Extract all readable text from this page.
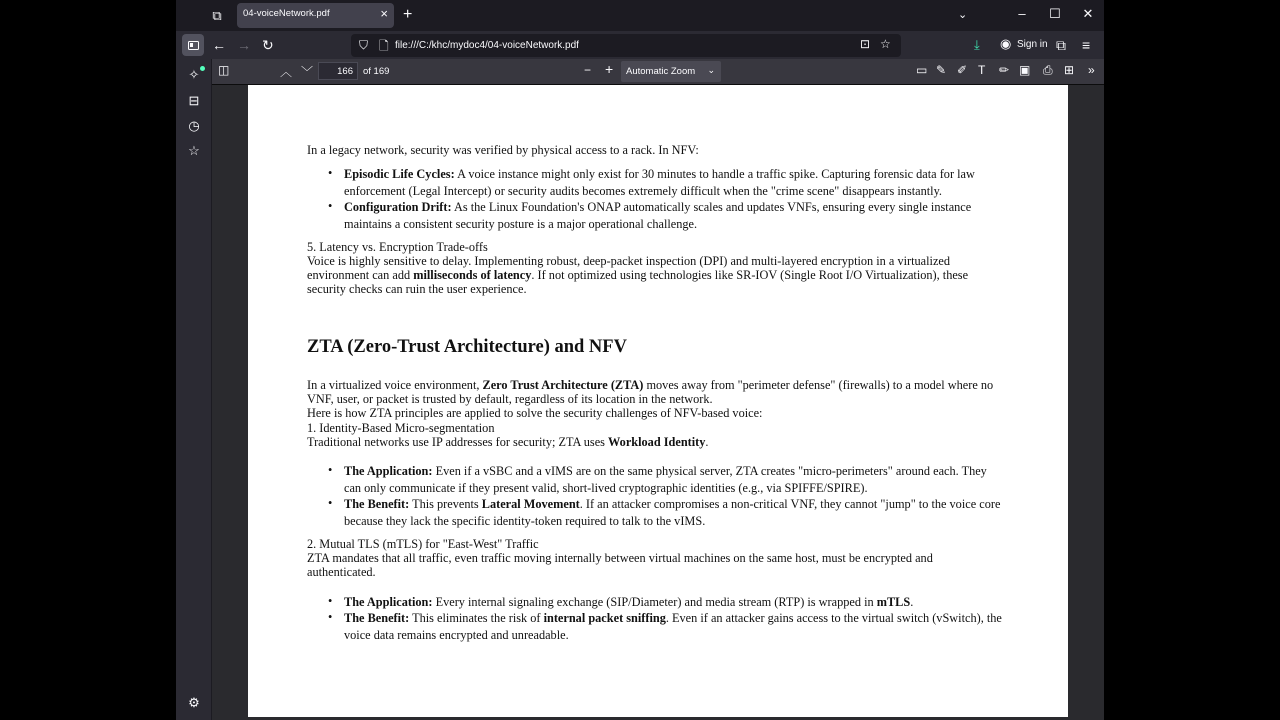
⧉	04-voiceNetwork.pdf	× +	⌄	–	☐	✕
← → ↻	⛉ 🗋 file:///C:/khc/mydoc4/04-voiceNetwork.pdf	⊡ ☆	⤓ ◉ Sign in ⧉ ≡
✧
⊟
◷
☆
⚙
◫	︿ ﹀	166	of 169	− + Automatic Zoom ⌄	▭ ✎ ✐ T ✏ ▣ ⎙ ⊞ »
In a legacy network, security was verified by physical access to a rack. In NFV:
• Episodic Life Cycles: A voice instance might only exist for 30 minutes to handle a traffic spike. Capturing forensic data for law
enforcement (Legal Intercept) or security audits becomes extremely difficult when the "crime scene" disappears instantly.
• Configuration Drift: As the Linux Foundation's ONAP automatically scales and updates VNFs, ensuring every single instance
maintains a consistent security posture is a major operational challenge.
5. Latency vs. Encryption Trade-offs
Voice is highly sensitive to delay. Implementing robust, deep-packet inspection (DPI) and multi-layered encryption in a virtualized
environment can add milliseconds of latency. If not optimized using technologies like SR-IOV (Single Root I/O Virtualization), these
security checks can ruin the user experience.
ZTA (Zero-Trust Architecture) and NFV
In a virtualized voice environment, Zero Trust Architecture (ZTA) moves away from "perimeter defense" (firewalls) to a model where no
VNF, user, or packet is trusted by default, regardless of its location in the network.
Here is how ZTA principles are applied to solve the security challenges of NFV-based voice:
1. Identity-Based Micro-segmentation
Traditional networks use IP addresses for security; ZTA uses Workload Identity.
• The Application: Even if a vSBC and a vIMS are on the same physical server, ZTA creates "micro-perimeters" around each. They
can only communicate if they present valid, short-lived cryptographic identities (e.g., via SPIFFE/SPIRE).
• The Benefit: This prevents Lateral Movement. If an attacker compromises a non-critical VNF, they cannot "jump" to the voice core
because they lack the specific identity-token required to talk to the vIMS.
2. Mutual TLS (mTLS) for "East-West" Traffic
ZTA mandates that all traffic, even traffic moving internally between virtual machines on the same host, must be encrypted and
authenticated.
• The Application: Every internal signaling exchange (SIP/Diameter) and media stream (RTP) is wrapped in mTLS.
• The Benefit: This eliminates the risk of internal packet sniffing. Even if an attacker gains access to the virtual switch (vSwitch), the
voice data remains encrypted and unreadable.
